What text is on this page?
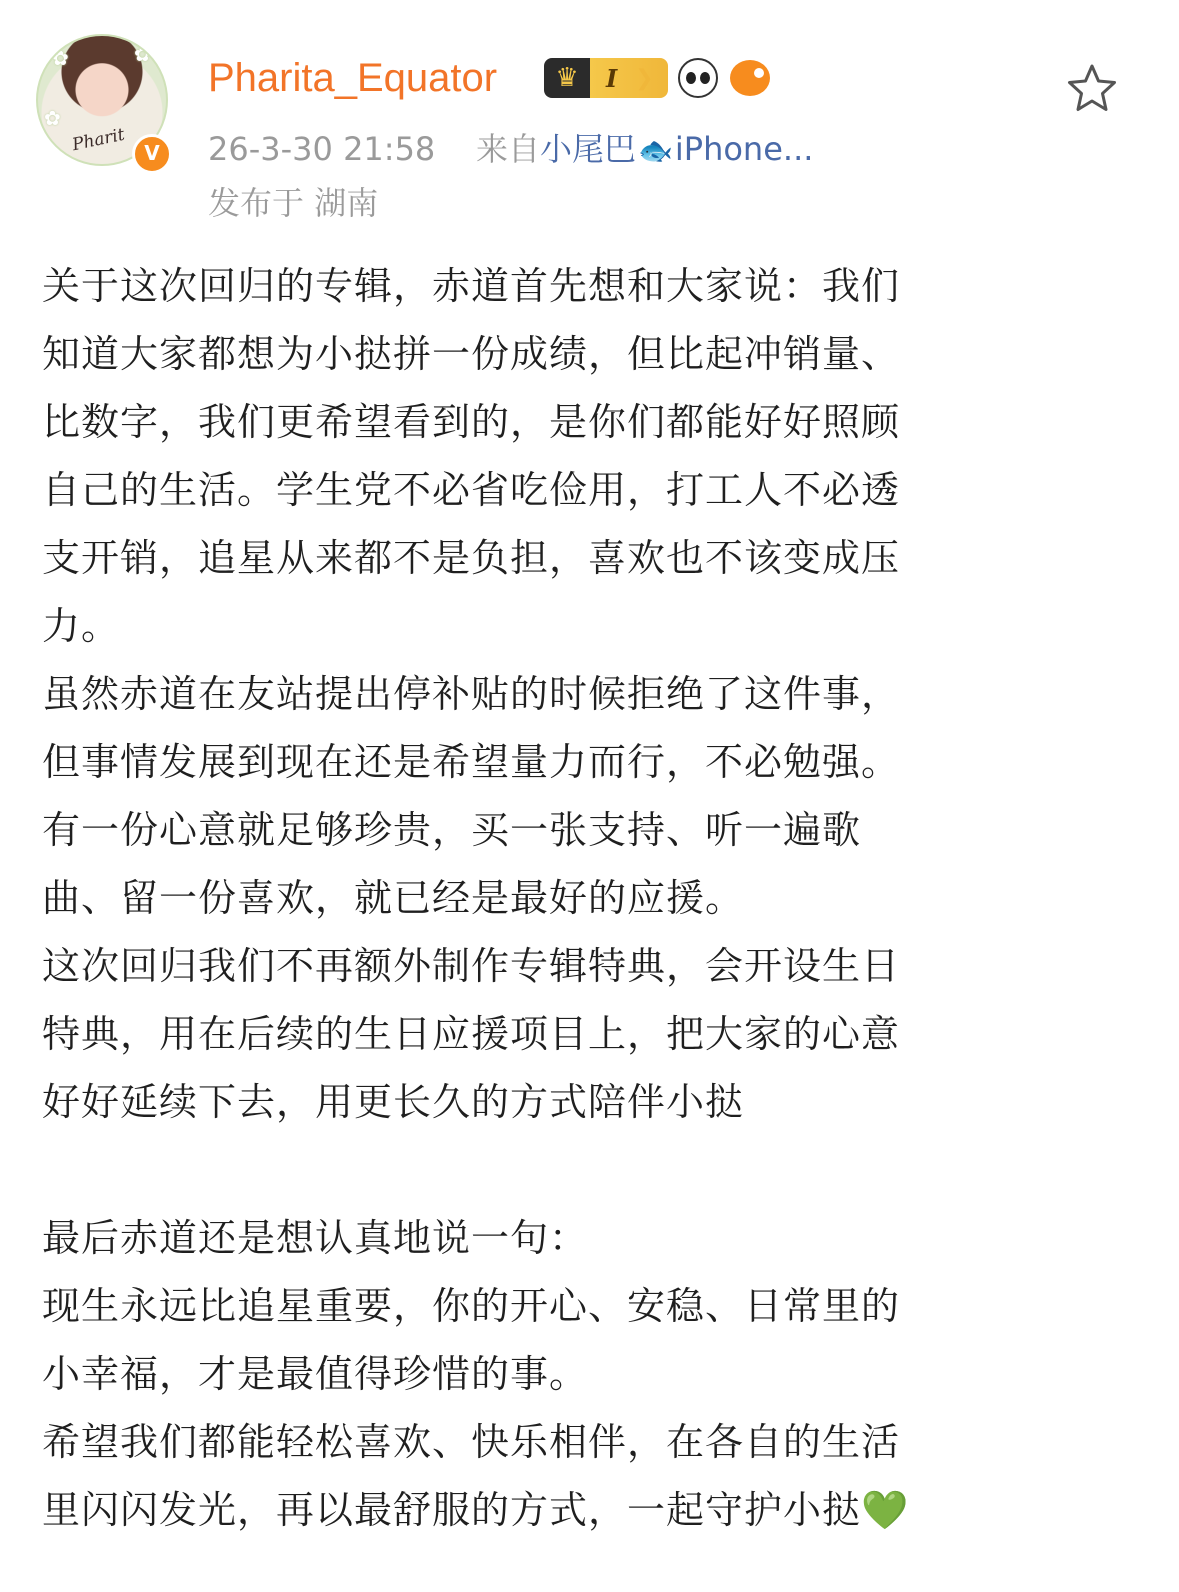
✿	✿
✿
Pharit V
Pharita_Equator	♛	I ❯
26-3-30 21:58 来自小尾巴🐟iPhone...
发布于 湖南

关于这次回归的专辑，赤道首先想和大家说：我们

知道大家都想为小挞拼一份成绩，但比起冲销量、

比数字，我们更希望看到的，是你们都能好好照顾

自己的生活。学生党不必省吃俭用，打工人不必透

支开销，追星从来都不是负担，喜欢也不该变成压

力。

虽然赤道在友站提出停补贴的时候拒绝了这件事，

但事情发展到现在还是希望量力而行，不必勉强。

有一份心意就足够珍贵，买一张支持、听一遍歌

曲、留一份喜欢，就已经是最好的应援。

这次回归我们不再额外制作专辑特典，会开设生日

特典，用在后续的生日应援项目上，把大家的心意

好好延续下去，用更长久的方式陪伴小挞

最后赤道还是想认真地说一句：

现生永远比追星重要，你的开心、安稳、日常里的

小幸福，才是最值得珍惜的事。

希望我们都能轻松喜欢、快乐相伴，在各自的生活

里闪闪发光，再以最舒服的方式，一起守护小挞💚
